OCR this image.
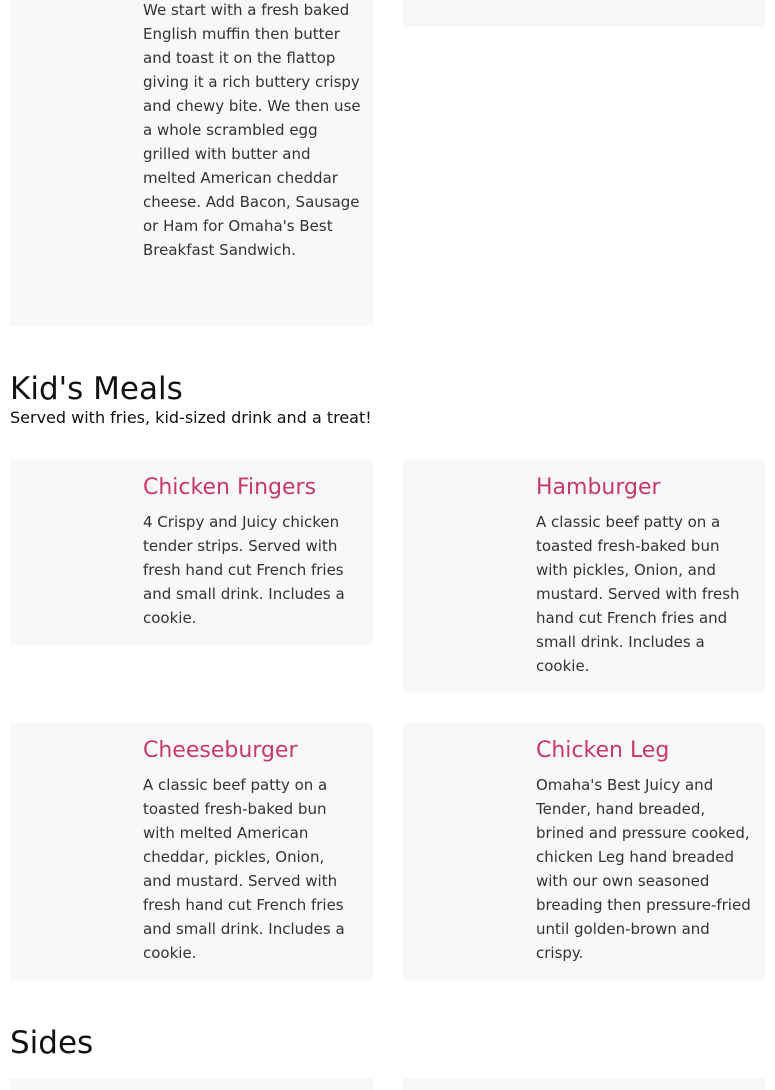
We start with a fresh baked English muffin then butter and toast it on the flattop giving it a rich buttery crispy and chewy bite. We then use a whole scrambled egg grilled with butter and melted American cheddar cheese. Add Bacon, Sausage or Ham for Omaha's Best Breakfast Sandwich.

Kid's Meals

Served with fries, kid-sized drink and a treat!

Chicken Fingers

4 Crispy and Juicy chicken tender strips. Served with fresh hand cut French fries and small drink. Includes a cookie.

Hamburger

A classic beef patty on a toasted fresh-baked bun with pickles, Onion, and mustard. Served with fresh hand cut French fries and small drink. Includes a cookie.

Cheeseburger

A classic beef patty on a toasted fresh-baked bun with melted American cheddar, pickles, Onion, and mustard. Served with fresh hand cut French fries and small drink. Includes a cookie.

Chicken Leg

Omaha's Best Juicy and Tender, hand breaded, brined and pressure cooked, chicken Leg hand breaded with our own seasoned breading then pressure-fried until golden-brown and crispy.

Sides
